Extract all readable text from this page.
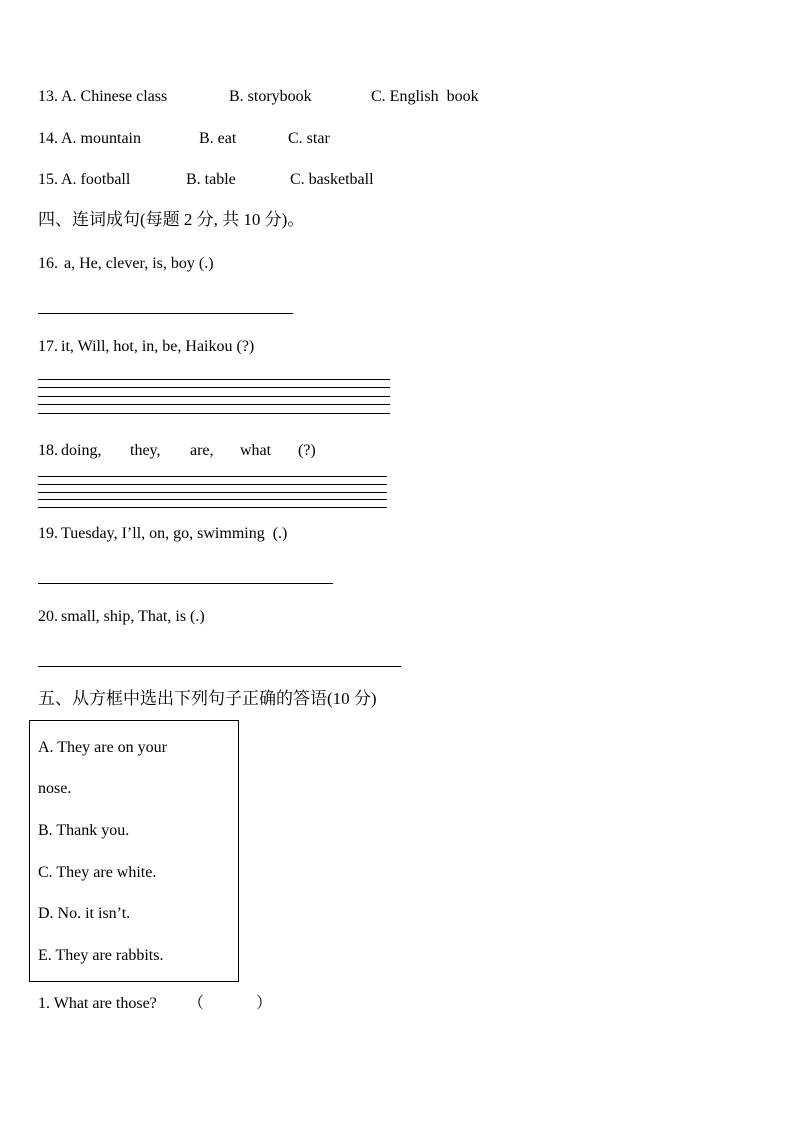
13.

A. Chinese class

	B. storybook

	C. English  book

14.

A. mountain

	B. eat

	C. star

15.

A. football

	B. table

	C. basketball

四、连词成句(每题 2 分, 共 10 分)。

16.

a, He, clever, is, boy (.)

17.

it, Will, hot, in, be, Haikou (?)

18.

doing,

they,

are,

what

(?)

19.

Tuesday, I’ll, on, go, swimming  (.)

20.

small, ship, That, is (.)

五、从方框中选出下列句子正确的答语(10 分)
A. They are on your
nose.
B. Thank you.
C. They are white.
D. No. it isn’t.
E. They are rabbits.

1. What are those?

（

	）
